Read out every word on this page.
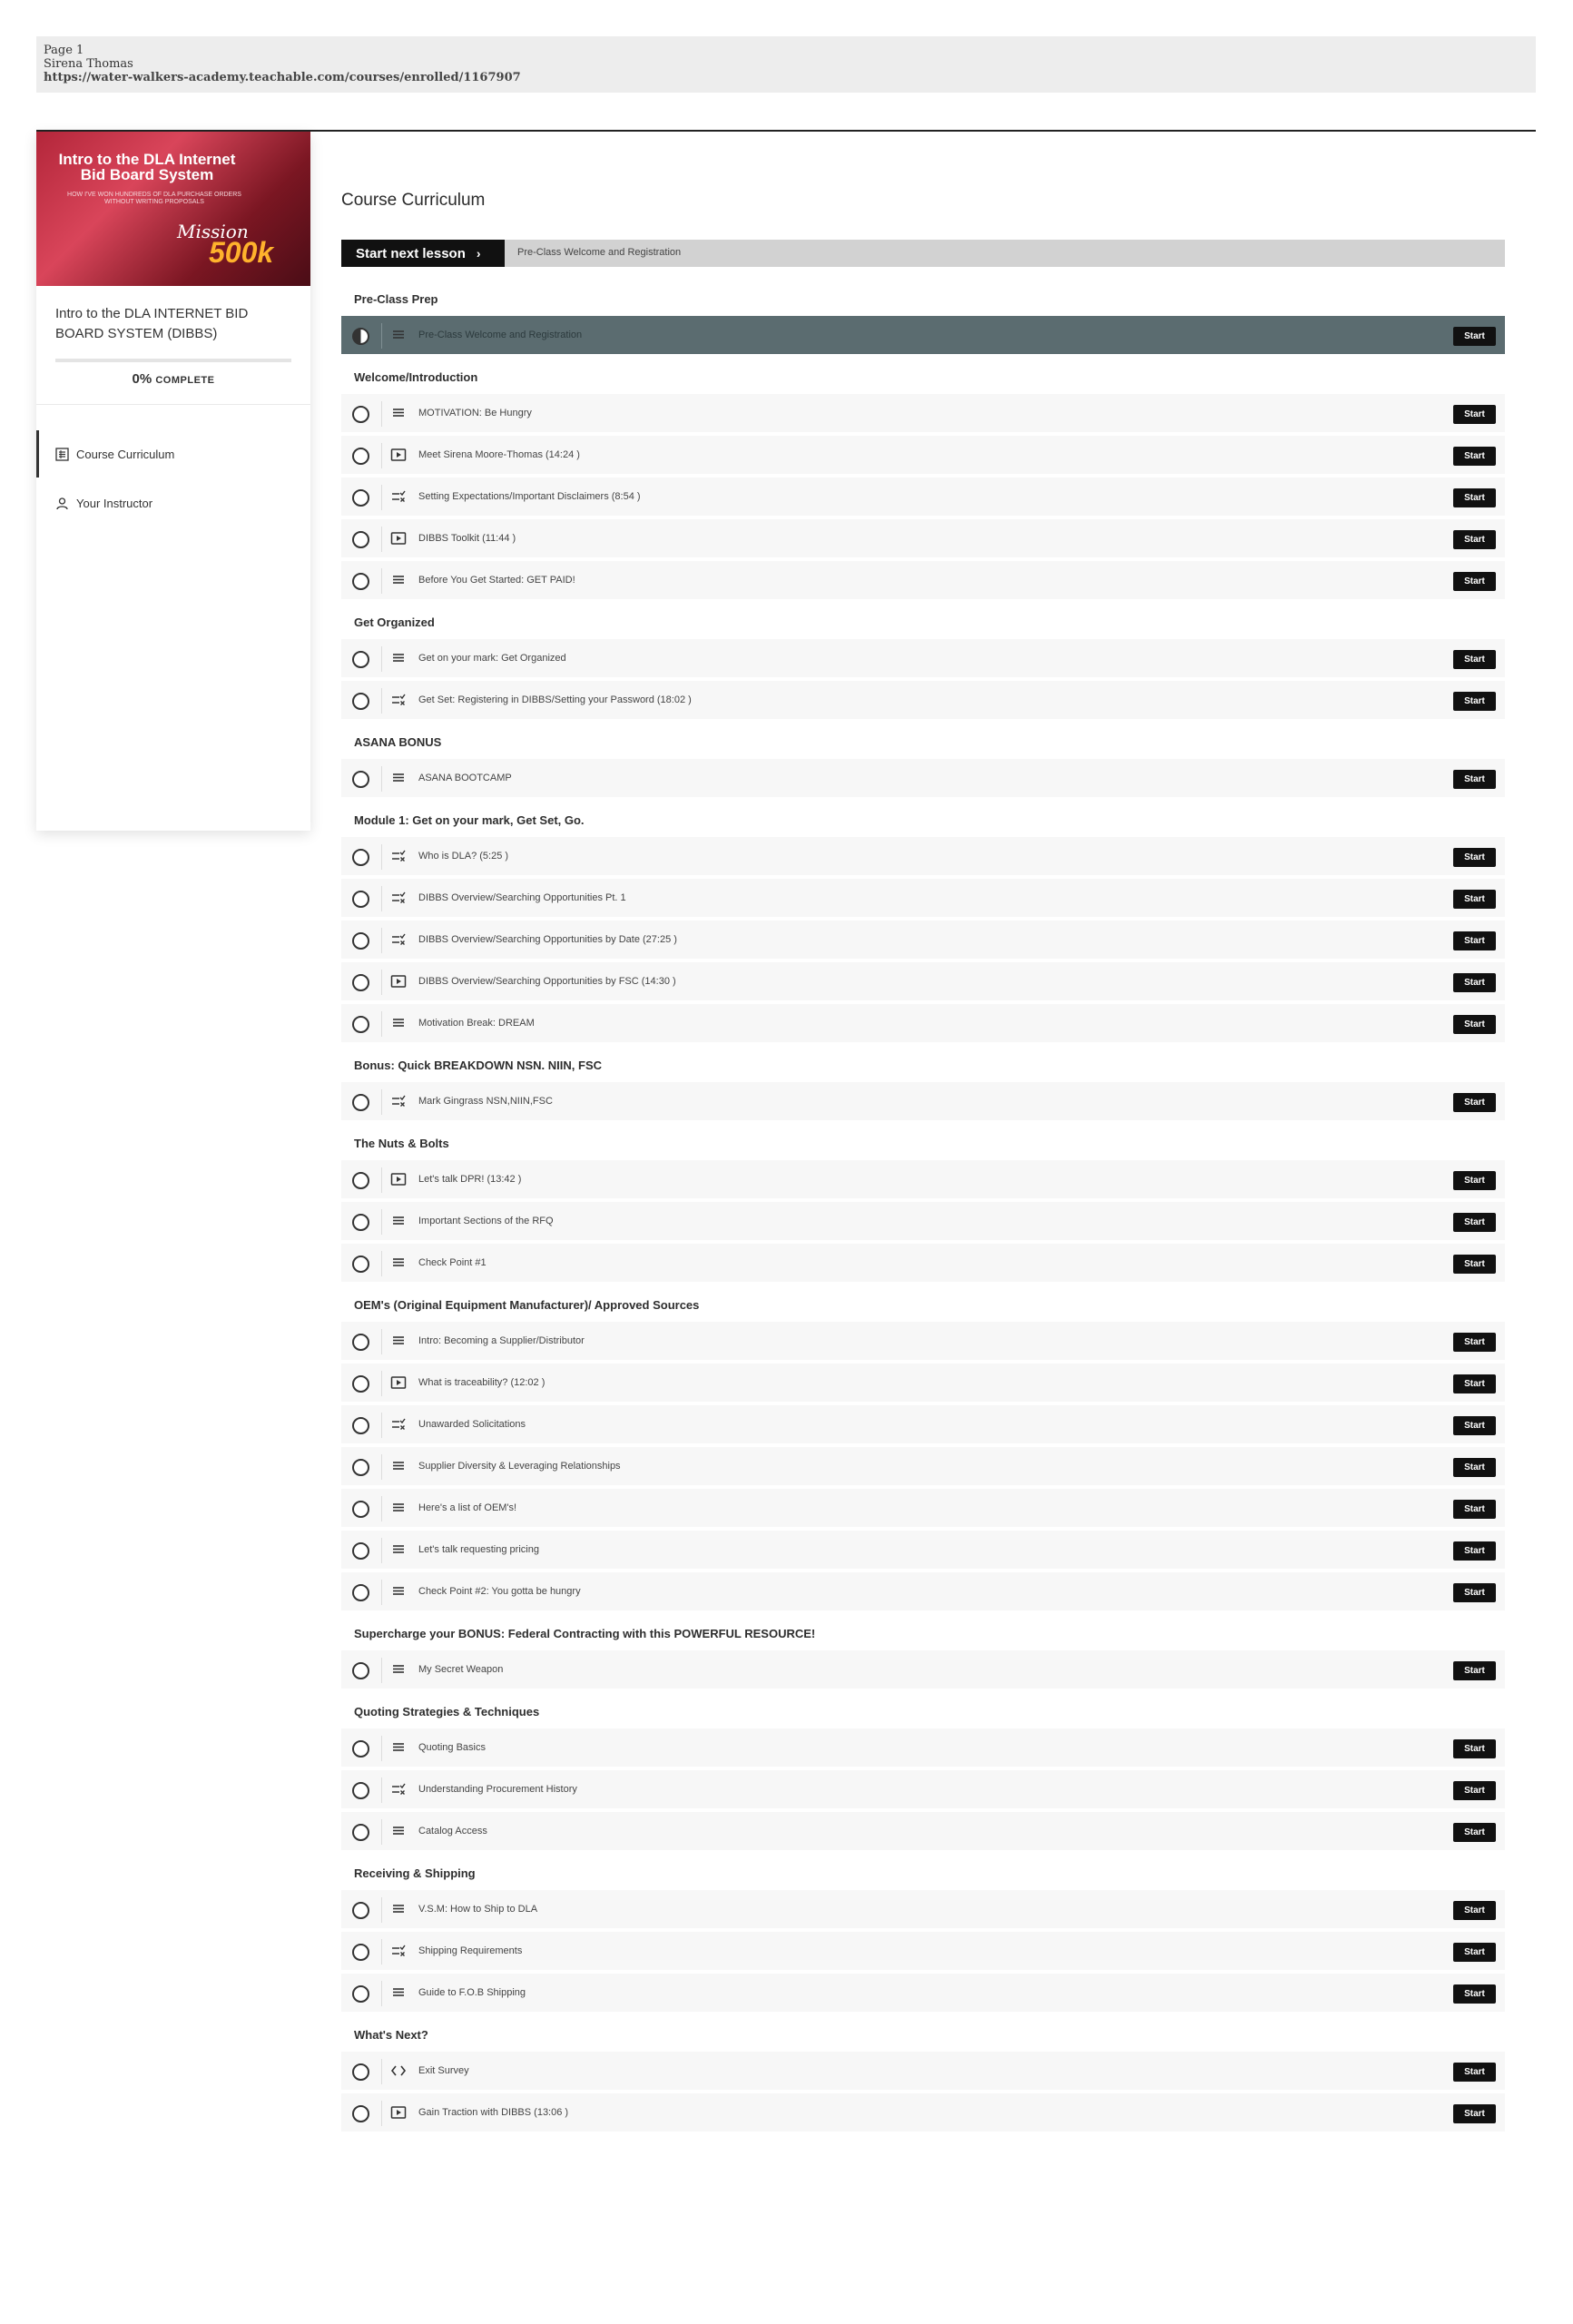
Page 1
Sirena Thomas
https://water-walkers-academy.teachable.com/courses/enrolled/1167907
Intro to the DLA Internet Bid Board System
HOW I'VE WON HUNDREDS OF DLA PURCHASE ORDERS WITHOUT WRITING PROPOSALS
Mission
500k
Intro to the DLA INTERNET BID BOARD SYSTEM (DIBBS)
0% COMPLETE
Course Curriculum
Your Instructor
Course Curriculum
Start next lesson ›	Pre-Class Welcome and Registration
Pre-Class Prep
Pre-Class Welcome and Registration	Start
Welcome/Introduction
MOTIVATION: Be Hungry	Start
Meet Sirena Moore-Thomas (14:24 )	Start
Setting Expectations/Important Disclaimers (8:54 )	Start
DIBBS Toolkit (11:44 )	Start
Before You Get Started: GET PAID!	Start
Get Organized
Get on your mark: Get Organized	Start
Get Set: Registering in DIBBS/Setting your Password (18:02 )	Start
ASANA BONUS
ASANA BOOTCAMP	Start
Module 1: Get on your mark, Get Set, Go.
Who is DLA? (5:25 )	Start
DIBBS Overview/Searching Opportunities Pt. 1	Start
DIBBS Overview/Searching Opportunities by Date (27:25 )	Start
DIBBS Overview/Searching Opportunities by FSC (14:30 )	Start
Motivation Break: DREAM	Start
Bonus: Quick BREAKDOWN NSN. NIIN, FSC
Mark Gingrass NSN,NIIN,FSC	Start
The Nuts & Bolts
Let's talk DPR! (13:42 )	Start
Important Sections of the RFQ	Start
Check Point #1	Start
OEM's (Original Equipment Manufacturer)/ Approved Sources
Intro: Becoming a Supplier/Distributor	Start
What is traceability? (12:02 )	Start
Unawarded Solicitations	Start
Supplier Diversity & Leveraging Relationships	Start
Here's a list of OEM's!	Start
Let's talk requesting pricing	Start
Check Point #2: You gotta be hungry	Start
Supercharge your BONUS: Federal Contracting with this POWERFUL RESOURCE!
My Secret Weapon	Start
Quoting Strategies & Techniques
Quoting Basics	Start
Understanding Procurement History	Start
Catalog Access	Start
Receiving & Shipping
V.S.M: How to Ship to DLA	Start
Shipping Requirements	Start
Guide to F.O.B Shipping	Start
What's Next?
Exit Survey	Start
Gain Traction with DIBBS (13:06 )	Start
